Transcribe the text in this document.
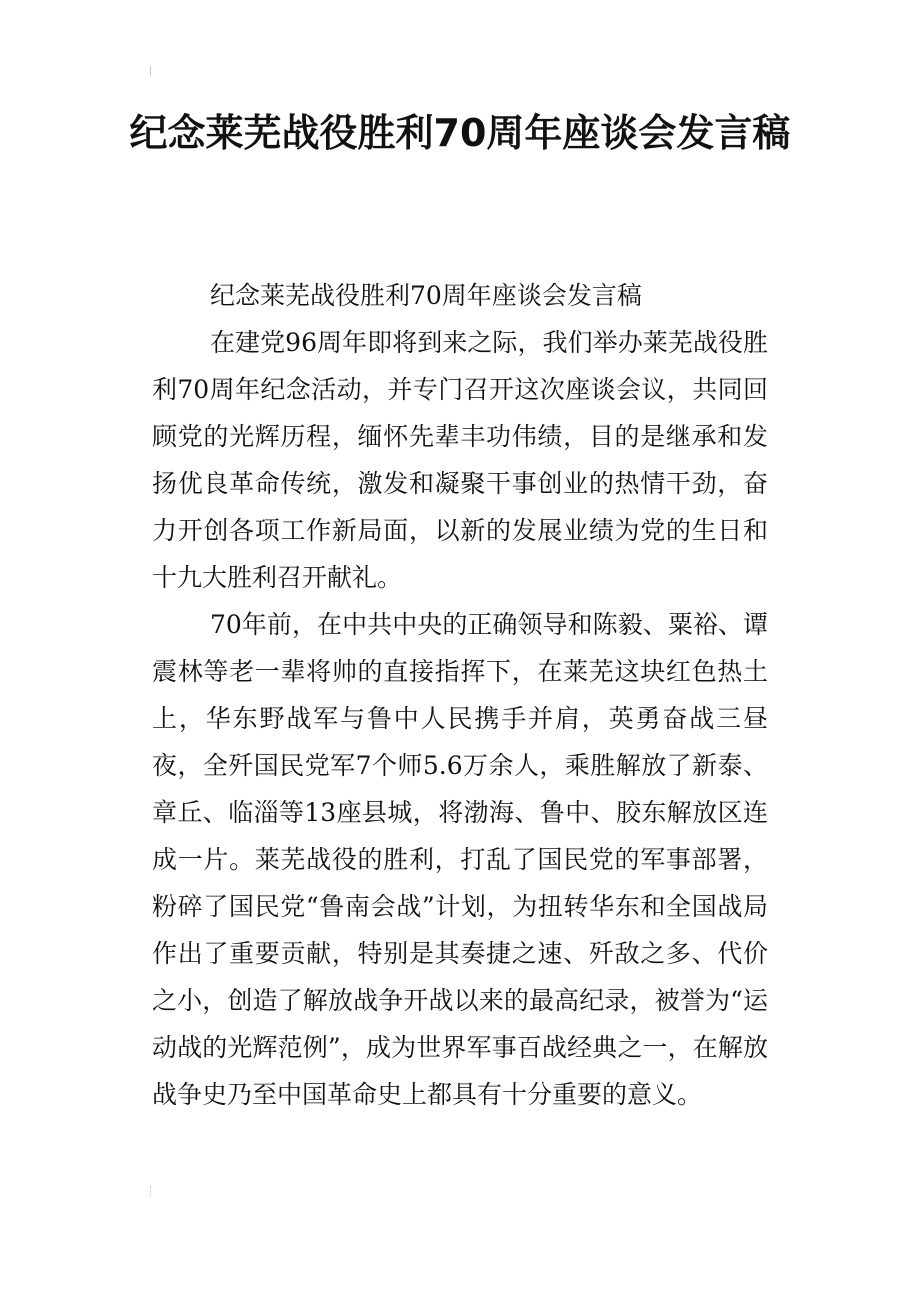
纪念莱芜战役胜利70周年座谈会发言稿

纪念莱芜战役胜利70周年座谈会发言稿

在建党96周年即将到来之际，我们举办莱芜战役胜利70周年纪念活动，并专门召开这次座谈会议，共同回顾党的光辉历程，缅怀先辈丰功伟绩，目的是继承和发扬优良革命传统，激发和凝聚干事创业的热情干劲，奋力开创各项工作新局面，以新的发展业绩为党的生日和十九大胜利召开献礼。

70年前，在中共中央的正确领导和陈毅、粟裕、谭震林等老一辈将帅的直接指挥下，在莱芜这块红色热土上，华东野战军与鲁中人民携手并肩，英勇奋战三昼夜，全歼国民党军7个师5.6万余人，乘胜解放了新泰、章丘、临淄等13座县城，将渤海、鲁中、胶东解放区连成一片。莱芜战役的胜利，打乱了国民党的军事部署，粉碎了国民党“鲁南会战”计划，为扭转华东和全国战局作出了重要贡献，特别是其奏捷之速、歼敌之多、代价之小，创造了解放战争开战以来的最高纪录，被誉为“运动战的光辉范例”，成为世界军事百战经典之一，在解放战争史乃至中国革命史上都具有十分重要的意义。
